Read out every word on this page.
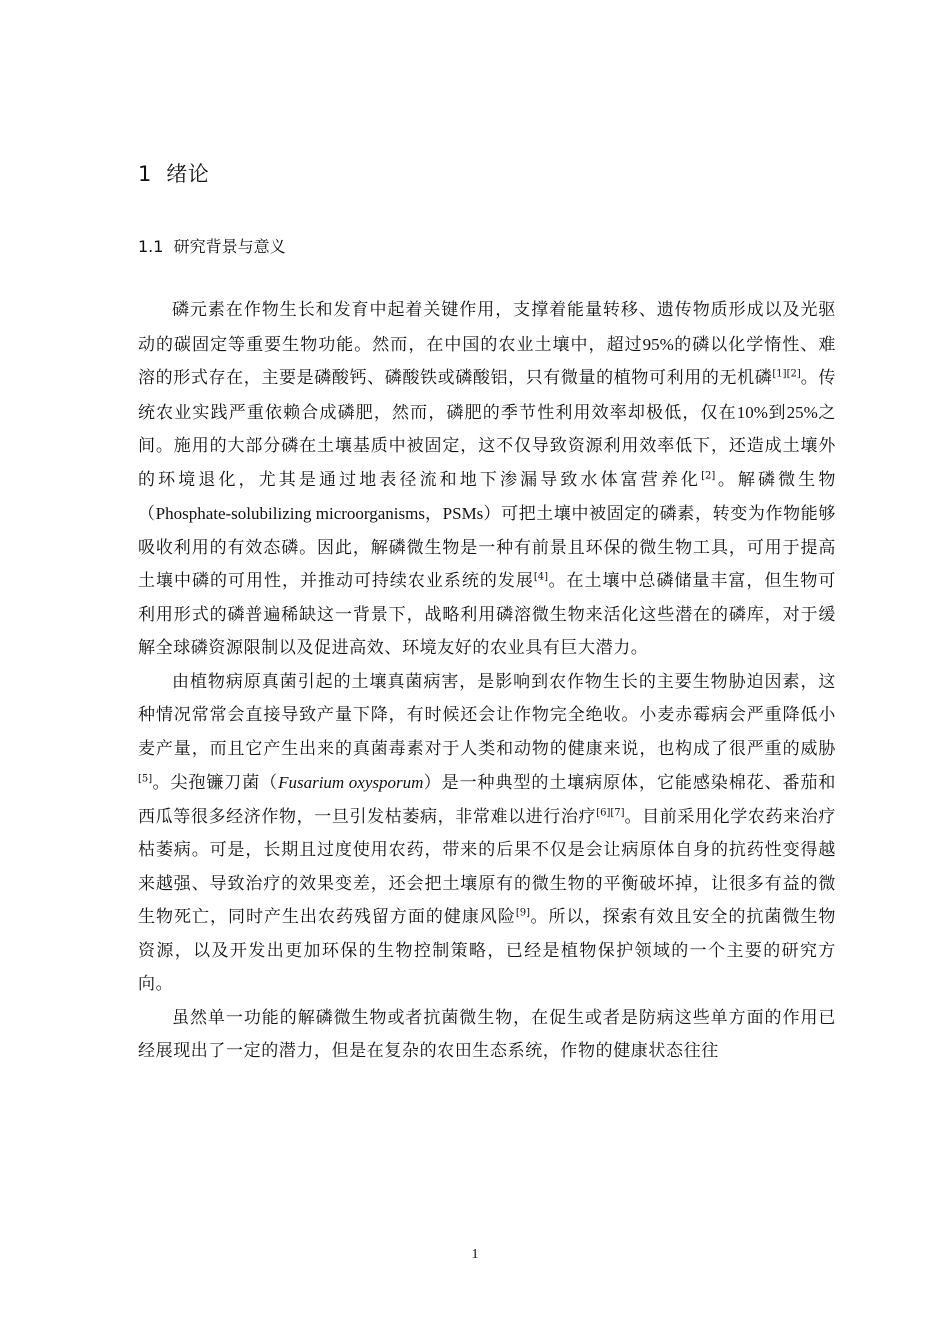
1 绪论
1.1 研究背景与意义

磷元素在作物生长和发育中起着关键作用，支撑着能量转移、遗传物质形成以及光驱动的碳固定等重要生物功能。然而，在中国的农业土壤中，超过95%的磷以化学惰性、难溶的形式存在，主要是磷酸钙、磷酸铁或磷酸铝，只有微量的植物可利用的无机磷[1][2]。传统农业实践严重依赖合成磷肥，然而，磷肥的季节性利用效率却极低，仅在10%到25%之间。施用的大部分磷在土壤基质中被固定，这不仅导致资源利用效率低下，还造成土壤外的环境退化，尤其是通过地表径流和地下渗漏导致水体富营养化[2]。解磷微生物（Phosphate-solubilizing microorganisms，PSMs）可把土壤中被固定的磷素，转变为作物能够吸收利用的有效态磷。因此，解磷微生物是一种有前景且环保的微生物工具，可用于提高土壤中磷的可用性，并推动可持续农业系统的发展[4]。在土壤中总磷储量丰富，但生物可利用形式的磷普遍稀缺这一背景下，战略利用磷溶微生物来活化这些潜在的磷库，对于缓解全球磷资源限制以及促进高效、环境友好的农业具有巨大潜力。

由植物病原真菌引起的土壤真菌病害，是影响到农作物生长的主要生物胁迫因素，这种情况常常会直接导致产量下降，有时候还会让作物完全绝收。小麦赤霉病会严重降低小麦产量，而且它产生出来的真菌毒素对于人类和动物的健康来说，也构成了很严重的威胁[5]。尖孢镰刀菌（Fusarium oxysporum）是一种典型的土壤病原体，它能感染棉花、番茄和西瓜等很多经济作物，一旦引发枯萎病，非常难以进行治疗[6][7]。目前采用化学农药来治疗枯萎病。可是，长期且过度使用农药，带来的后果不仅是会让病原体自身的抗药性变得越来越强、导致治疗的效果变差，还会把土壤原有的微生物的平衡破坏掉，让很多有益的微生物死亡，同时产生出农药残留方面的健康风险[9]。所以，探索有效且安全的抗菌微生物资源，以及开发出更加环保的生物控制策略，已经是植物保护领域的一个主要的研究方向。

虽然单一功能的解磷微生物或者抗菌微生物，在促生或者是防病这些单方面的作用已经展现出了一定的潜力，但是在复杂的农田生态系统，作物的健康状态往往

1
